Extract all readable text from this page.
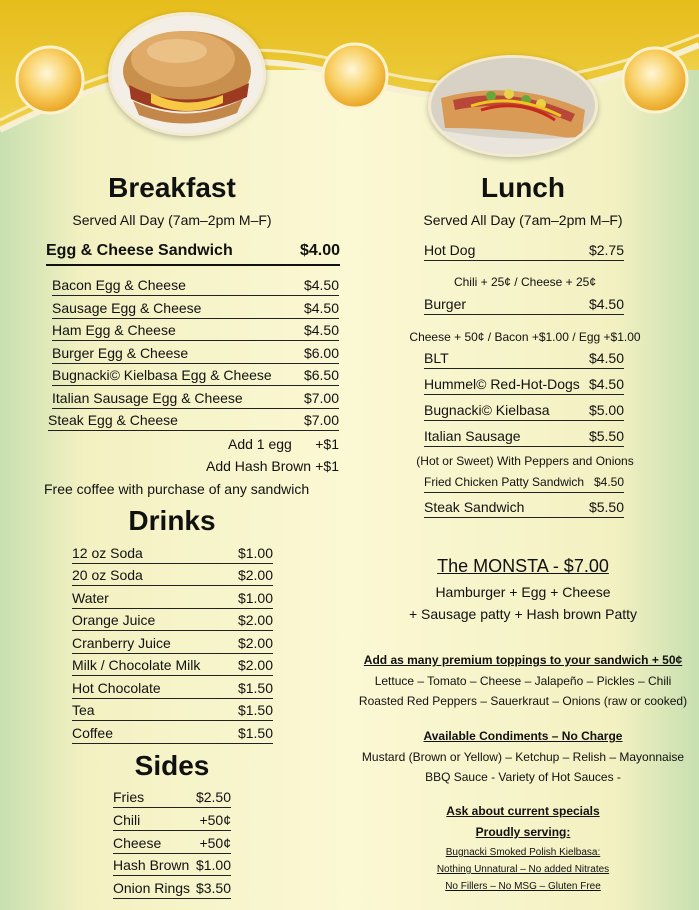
Breakfast
Served All Day (7am–2pm M–F)
Egg & Cheese Sandwich	$4.00
Bacon Egg & Cheese	$4.50
Sausage Egg & Cheese	$4.50
Ham Egg & Cheese	$4.50
Burger Egg & Cheese	$6.00
Bugnacki© Kielbasa Egg & Cheese $6.50
Italian Sausage Egg & Cheese	$7.00
Steak Egg & Cheese	$7.00
Add 1 egg +$1
Add Hash Brown +$1
Free coffee with purchase of any sandwich
Drinks
12 oz Soda	$1.00
20 oz Soda	$2.00
Water	$1.00
Orange Juice	$2.00
Cranberry Juice	$2.00
Milk / Chocolate Milk	$2.00
Hot Chocolate	$1.50
Tea	$1.50
Coffee	$1.50
Sides
Fries	$2.50
Chili	+50¢
Cheese	+50¢
Hash Brown $1.00
Onion Rings $3.50
Lunch
Served All Day (7am–2pm M–F)
Hot Dog	$2.75
Chili + 25¢ / Cheese + 25¢
Burger	$4.50
Cheese + 50¢ / Bacon +$1.00 / Egg +$1.00
BLT	$4.50
Hummel© Red-Hot-Dogs $4.50
Bugnacki© Kielbasa	$5.00
Italian Sausage	$5.50
(Hot or Sweet) With Peppers and Onions
Fried Chicken Patty Sandwich $4.50
Steak Sandwich	$5.50
The MONSTA - $7.00
Hamburger + Egg + Cheese
+ Sausage patty + Hash brown Patty
Add as many premium toppings to your sandwich + 50¢
Lettuce – Tomato – Cheese – Jalapeño – Pickles – Chili
Roasted Red Peppers – Sauerkraut – Onions (raw or cooked)
Available Condiments – No Charge
Mustard (Brown or Yellow) – Ketchup – Relish – Mayonnaise
BBQ Sauce - Variety of Hot Sauces -
Ask about current specials
Proudly serving:
Bugnacki Smoked Polish Kielbasa:
Nothing Unnatural – No added Nitrates
No Fillers – No MSG – Gluten Free
